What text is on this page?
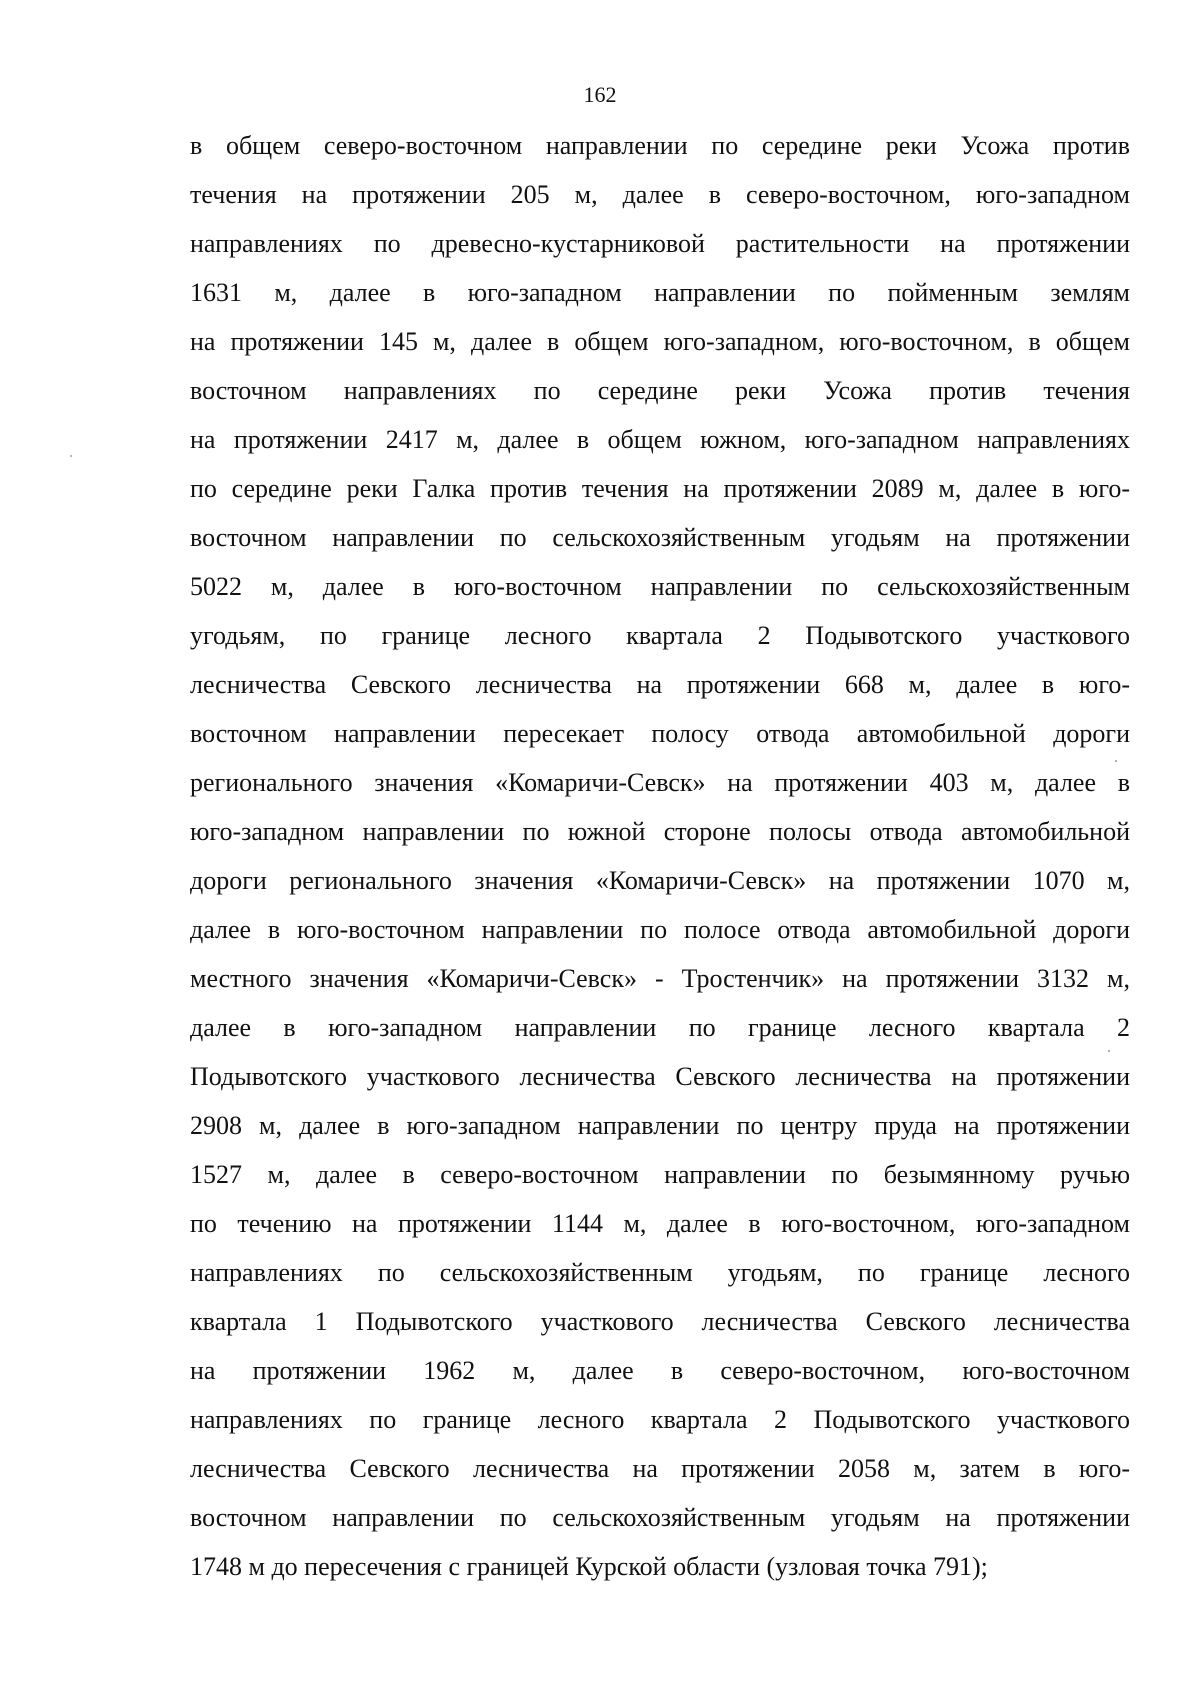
162
в общем северо-восточном направлении по середине реки Усожа против
течения на протяжении 205 м, далее в северо-восточном, юго-западном
направлениях по древесно-кустарниковой растительности на протяжении
1631 м, далее в юго-западном направлении по пойменным землям
на протяжении 145 м, далее в общем юго-западном, юго-восточном, в общем
восточном направлениях по середине реки Усожа против течения
на протяжении 2417 м, далее в общем южном, юго-западном направлениях
по середине реки Галка против течения на протяжении 2089 м, далее в юго-
восточном направлении по сельскохозяйственным угодьям на протяжении
5022 м, далее в юго-восточном направлении по сельскохозяйственным
угодьям, по границе лесного квартала 2 Подывотского участкового
лесничества Севского лесничества на протяжении 668 м, далее в юго-
восточном направлении пересекает полосу отвода автомобильной дороги
регионального значения «Комаричи-Севск» на протяжении 403 м, далее в
юго-западном направлении по южной стороне полосы отвода автомобильной
дороги регионального значения «Комаричи-Севск» на протяжении 1070 м,
далее в юго-восточном направлении по полосе отвода автомобильной дороги
местного значения «Комаричи-Севск» - Тростенчик» на протяжении 3132 м,
далее в юго-западном направлении по границе лесного квартала 2
Подывотского участкового лесничества Севского лесничества на протяжении
2908 м, далее в юго-западном направлении по центру пруда на протяжении
1527 м, далее в северо-восточном направлении по безымянному ручью
по течению на протяжении 1144 м, далее в юго-восточном, юго-западном
направлениях по сельскохозяйственным угодьям, по границе лесного
квартала 1 Подывотского участкового лесничества Севского лесничества
на протяжении 1962 м, далее в северо-восточном, юго-восточном
направлениях по границе лесного квартала 2 Подывотского участкового
лесничества Севского лесничества на протяжении 2058 м, затем в юго-
восточном направлении по сельскохозяйственным угодьям на протяжении
1748 м до пересечения с границей Курской области (узловая точка 791);
